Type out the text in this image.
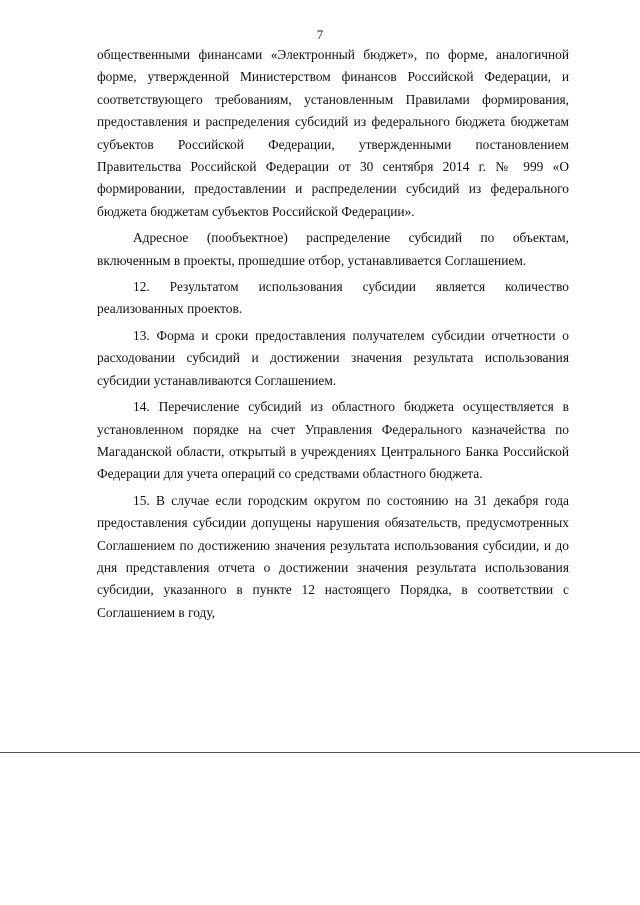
7

общественными финансами «Электронный бюджет», по форме, аналогичной форме, утвержденной Министерством финансов Российской Федерации, и соответствующего требованиям, установленным Правилами формирования, предоставления и распределения субсидий из федерального бюджета бюджетам субъектов Российской Федерации, утвержденными постановлением Правительства Российской Федерации от 30 сентября 2014 г. № 999 «О формировании, предоставлении и распределении субсидий из федерального бюджета бюджетам субъектов Российской Федерации».

Адресное (пообъектное) распределение субсидий по объектам, включенным в проекты, прошедшие отбор, устанавливается Соглашением.

12. Результатом использования субсидии является количество реализованных проектов.

13. Форма и сроки предоставления получателем субсидии отчетности о расходовании субсидий и достижении значения результата использования субсидии устанавливаются Соглашением.

14. Перечисление субсидий из областного бюджета осуществляется в установленном порядке на счет Управления Федерального казначейства по Магаданской области, открытый в учреждениях Центрального Банка Российской Федерации для учета операций со средствами областного бюджета.

15. В случае если городским округом по состоянию на 31 декабря года предоставления субсидии допущены нарушения обязательств, предусмотренных Соглашением по достижению значения результата использования субсидии, и до дня представления отчета о достижении значения результата использования субсидии, указанного в пункте 12 настоящего Порядка, в соответствии с Соглашением в году,
